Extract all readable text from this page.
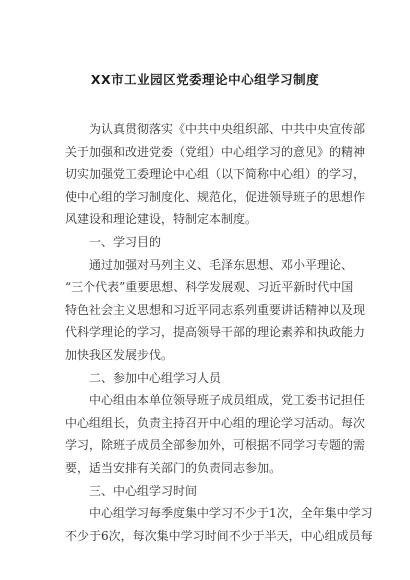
XX市工业园区党委理论中心组学习制度
为认真贯彻落实《中共中央组织部、中共中央宣传部
关于加强和改进党委（党组）中心组学习的意见》的精神
切实加强党工委理论中心组（以下简称中心组）的学习，
使中心组的学习制度化、规范化，促进领导班子的思想作
风建设和理论建设，特制定本制度。
一、学习目的
通过加强对马列主义、毛泽东思想、邓小平理论、
“三个代表”重要思想、科学发展观、习近平新时代中国
特色社会主义思想和习近平同志系列重要讲话精神以及现
代科学理论的学习，提高领导干部的理论素养和执政能力
加快我区发展步伐。
二、参加中心组学习人员
中心组由本单位领导班子成员组成，党工委书记担任
中心组组长，负责主持召开中心组的理论学习活动。每次
学习，除班子成员全部参加外，可根据不同学习专题的需
要，适当安排有关部门的负责同志参加。
三、中心组学习时间
中心组学习每季度集中学习不少于1次，全年集中学习
不少于6次，每次集中学习时间不少于半天，中心组成员每
